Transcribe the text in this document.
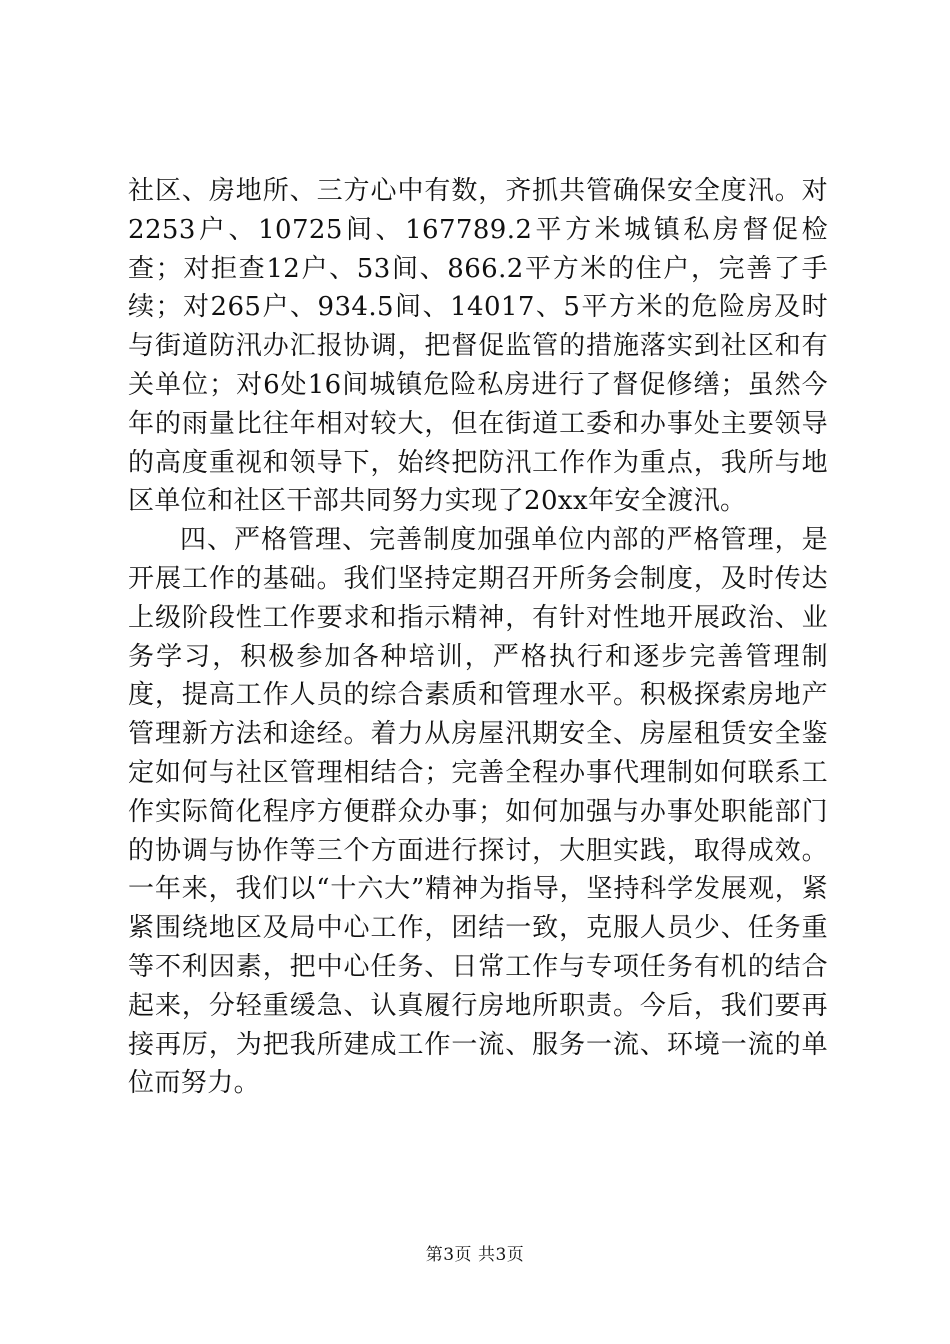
社区、房地所、三方心中有数，齐抓共管确保安全度汛。对2253户、10725间、167789.2平方米城镇私房督促检查；对拒查12户、53间、866.2平方米的住户，完善了手续；对265户、934.5间、14017、5平方米的危险房及时与街道防汛办汇报协调，把督促监管的措施落实到社区和有关单位；对6处16间城镇危险私房进行了督促修缮；虽然今年的雨量比往年相对较大，但在街道工委和办事处主要领导的高度重视和领导下，始终把防汛工作作为重点，我所与地区单位和社区干部共同努力实现了20xx年安全渡汛。

四、严格管理、完善制度加强单位内部的严格管理，是开展工作的基础。我们坚持定期召开所务会制度，及时传达上级阶段性工作要求和指示精神，有针对性地开展政治、业务学习，积极参加各种培训，严格执行和逐步完善管理制度，提高工作人员的综合素质和管理水平。积极探索房地产管理新方法和途经。着力从房屋汛期安全、房屋租赁安全鉴定如何与社区管理相结合；完善全程办事代理制如何联系工作实际简化程序方便群众办事；如何加强与办事处职能部门的协调与协作等三个方面进行探讨，大胆实践，取得成效。一年来，我们以“十六大”精神为指导，坚持科学发展观，紧紧围绕地区及局中心工作，团结一致，克服人员少、任务重等不利因素，把中心任务、日常工作与专项任务有机的结合起来，分轻重缓急、认真履行房地所职责。今后，我们要再接再厉，为把我所建成工作一流、服务一流、环境一流的单位而努力。

第3页 共3页
